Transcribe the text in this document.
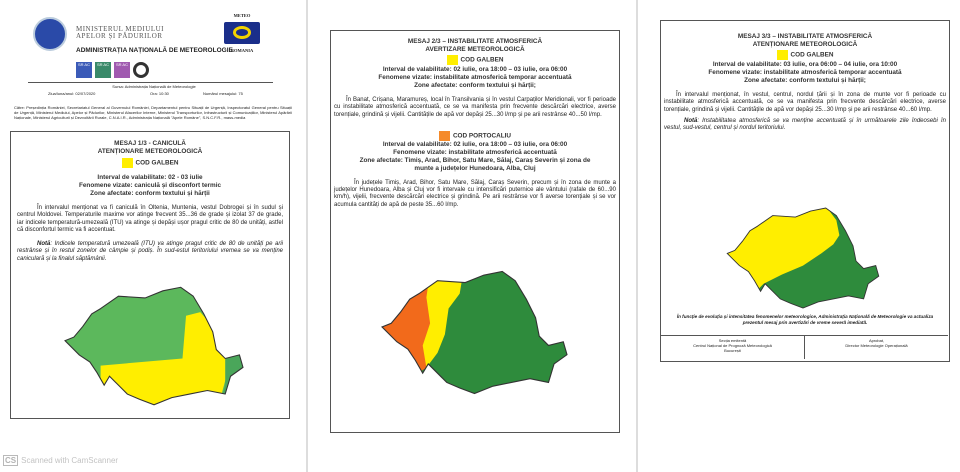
MINISTERUL MEDIULUI
APELOR ȘI PĂDURILOR
ADMINISTRAȚIA NAȚIONALĂ DE METEOROLOGIE
METEO
ROMANIA
SR AC	SR AC	SR AC
Sursa: Administrația Națională de Meteorologie
Ziua/luna/anul: 02/07/2020	Ora: 10:30	Numărul mesajului: 75
Către: Președinția României, Secretariatul General al Guvernului României, Departamentul pentru Situații de Urgență, Inspectoratul General pentru Situații de Urgență, Ministerul Mediului, Apelor și Pădurilor, Ministerul Afacerilor Interne, Ministerul Transporturilor, Infrastructurii și Comunicațiilor, Ministerul Apărării Naționale, Ministerul Agriculturii și Dezvoltării Rurale, C.N.A.I.R., Administrația Națională "Apele Române", S.N.C.F.R., mass-media
MESAJ 1/3 - CANICULĂ
ATENȚIONARE METEOROLOGICĂ
COD GALBEN
Interval de valabilitate: 02 - 03 iulie
Fenomene vizate: caniculă și disconfort termic
Zone afectate: conform textului și hărții
În intervalul menționat va fi caniculă în Oltenia, Muntenia, vestul Dobrogei și în sudul și centrul Moldovei. Temperaturile maxime vor atinge frecvent 35...36 de grade și izolat 37 de grade, iar indicele temperatură-umezeală (ITU) va atinge și depăși ușor pragul critic de 80 de unități, astfel că disconfortul termic va fi accentuat.
Notă: Indicele temperatură umezeală (ITU) va atinge pragul critic de 80 de unități pe arii restrânse și în restul zonelor de câmpie și podiș. În sud-estul teritoriului vremea se va menține caniculară și la finalul săptămânii.
MESAJ 2/3 – INSTABILITATE ATMOSFERICĂ
AVERTIZARE METEOROLOGICĂ
COD GALBEN
Interval de valabilitate: 02 iulie, ora 18:00 – 03 iulie, ora 06:00
Fenomene vizate: instabilitate atmosferică temporar accentuată
Zone afectate: conform textului și hărții;
În Banat, Crișana, Maramureș, local în Transilvania și în vestul Carpaților Meridionali, vor fi perioade cu instabilitate atmosferică accentuată, ce se va manifesta prin frecvente descărcări electrice, averse torențiale, grindină și vijelii. Cantitățile de apă vor depăși 25...30 l/mp și pe arii restrânse 40...50 l/mp.
COD PORTOCALIU
Interval de valabilitate: 02 iulie, ora 18:00 – 03 iulie, ora 06:00
Fenomene vizate: instabilitate atmosferică accentuată
Zone afectate: Timiș, Arad, Bihor, Satu Mare, Sălaj, Caraș Severin și zona de munte a județelor Hunedoara, Alba, Cluj
În județele Timiș, Arad, Bihor, Satu Mare, Sălaj, Caraș Severin, precum și în zona de munte a județelor Hunedoara, Alba și Cluj vor fi intervale cu intensificări puternice ale vântului (rafale de 60...90 km/h), vijelii, frecvente descărcări electrice și grindină. Pe arii restrânse vor fi averse torențiale și se vor acumula cantități de apă de peste 35...60 l/mp.
MESAJ 3/3 – INSTABILITATE ATMOSFERICĂ
ATENȚIONARE METEOROLOGICĂ
COD GALBEN
Interval de valabilitate: 03 iulie, ora 06:00 – 04 iulie, ora 10:00
Fenomene vizate: instabilitate atmosferică temporar accentuată
Zone afectate: conform textului și hărții;
În intervalul menționat, în vestul, centrul, nordul țării și în zona de munte vor fi perioade cu instabilitate atmosferică accentuată, ce se va manifesta prin frecvente descărcări electrice, averse torențiale, grindină și vijelii. Cantitățile de apă vor depăși 25...30 l/mp și pe arii restrânse 40...60 l/mp.
Notă: Instabilitatea atmosferică se va menține accentuată și în următoarele zile îndeosebi în vestul, sud-vestul, centrul și nordul teritoriului.
În funcție de evoluția și intensitatea fenomenelor meteorologice, Administrația Națională de Meteorologie va actualiza prezentul mesaj prin avertizări de vreme severă imediată.
Secția emitentă
Centrul Național de Prognoză Meteorologică
București
Aprobat,
Director Meteorologie Operațională
CS Scanned with CamScanner
